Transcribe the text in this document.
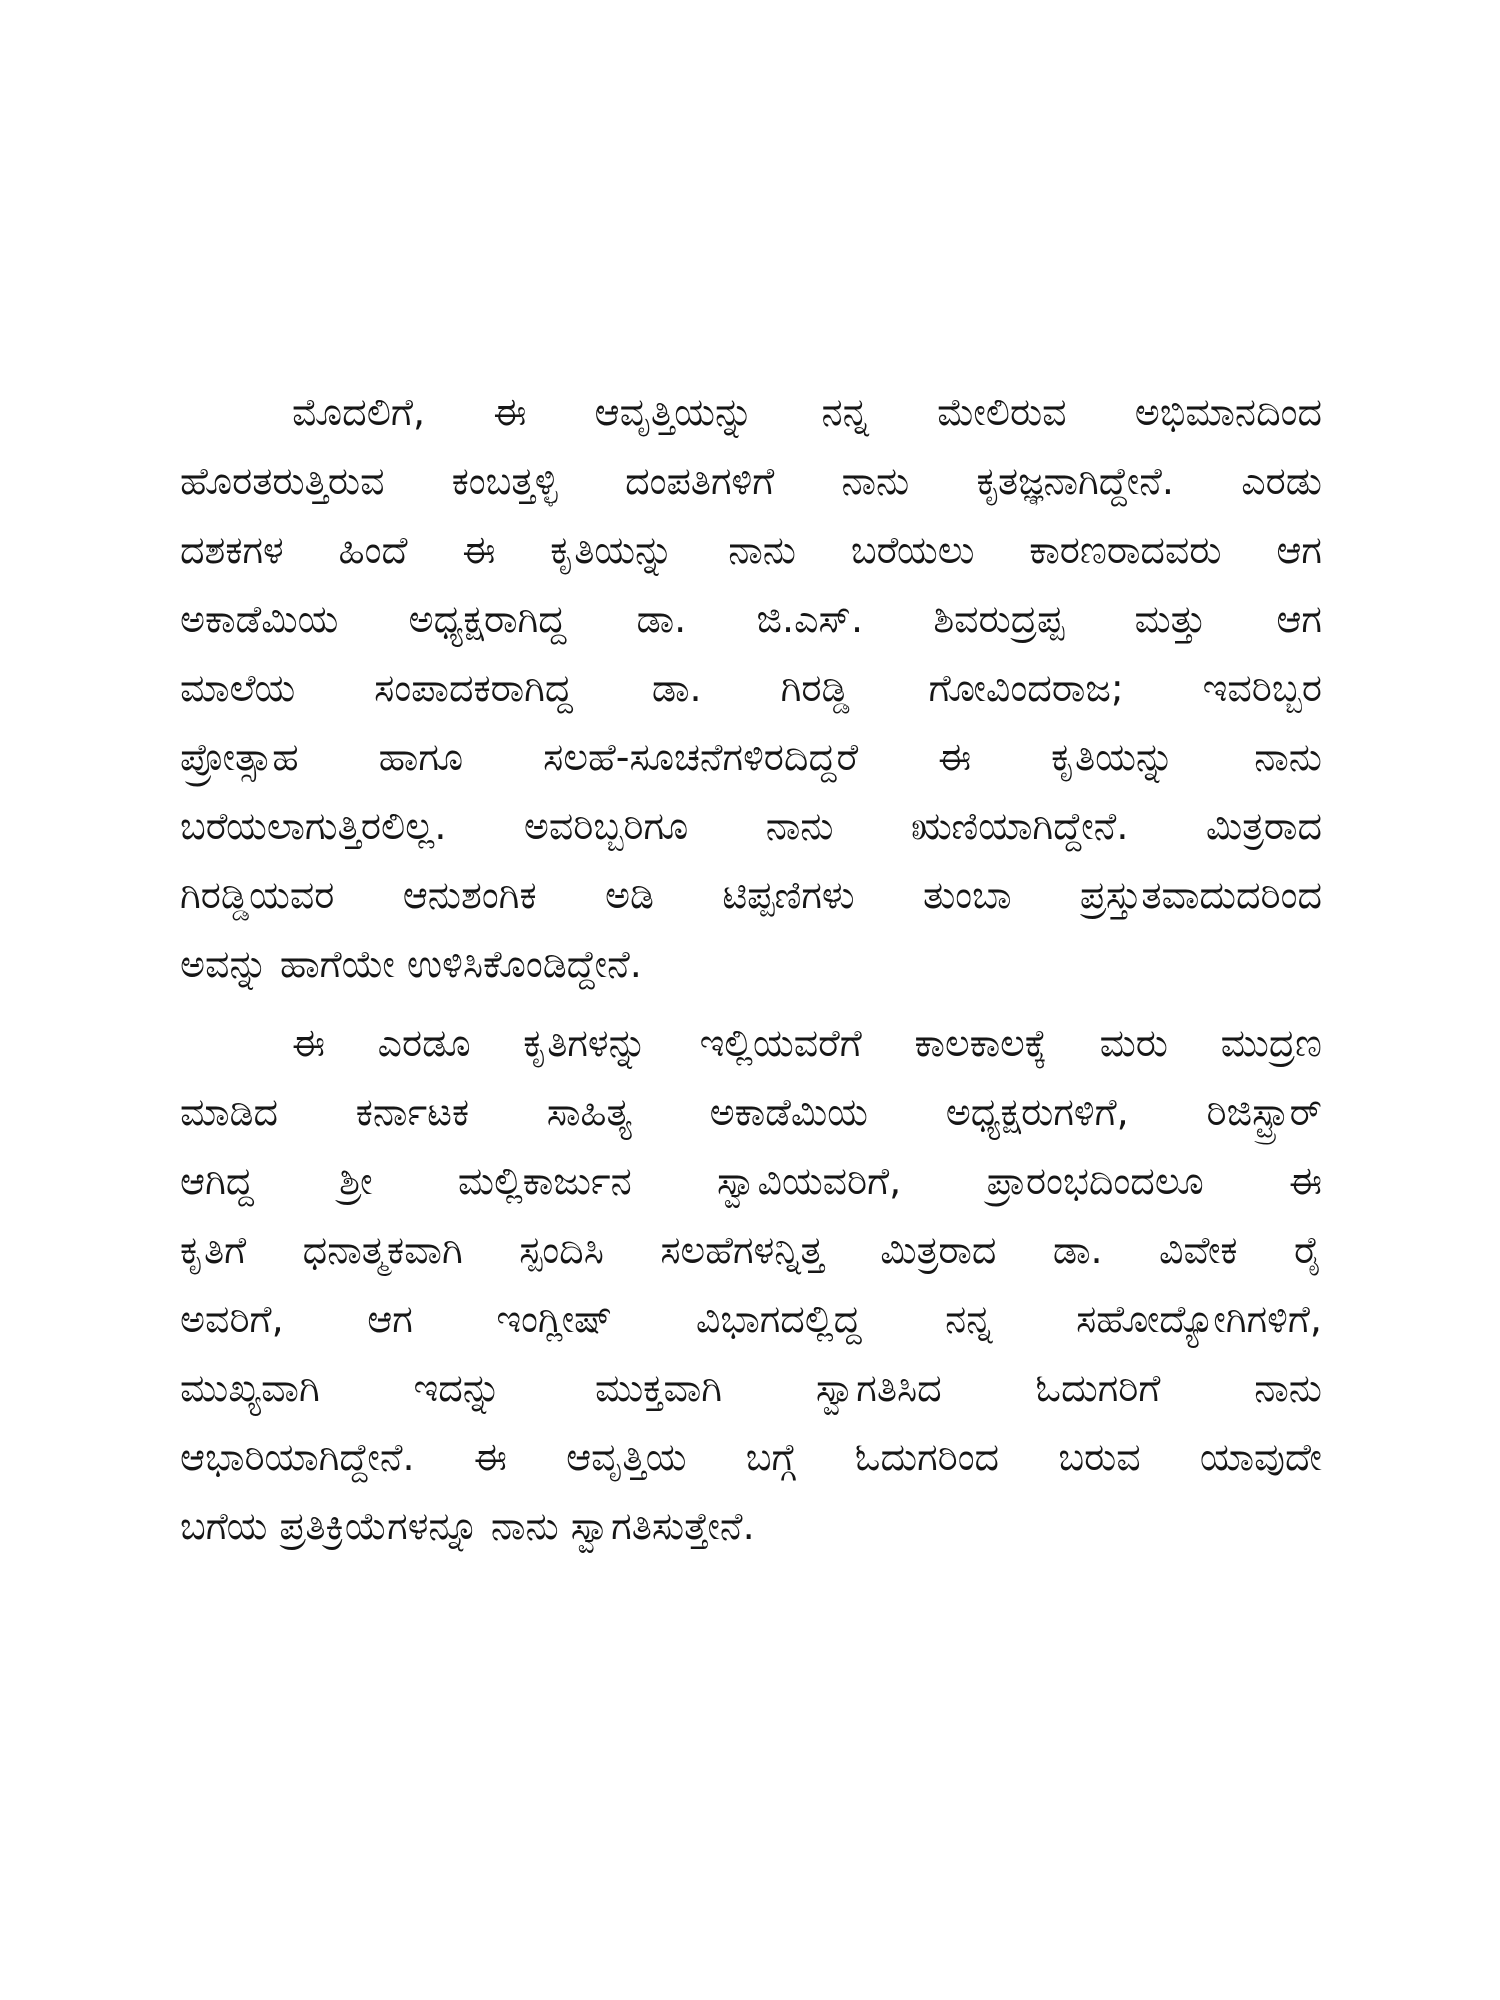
ಮೊದಲಿಗೆ, ಈ ಆವೃತ್ತಿಯನ್ನು ನನ್ನ ಮೇಲಿರುವ ಅಭಿಮಾನದಿಂದ
ಹೊರತರುತ್ತಿರುವ ಕಂಬತ್ತಳ್ಳಿ ದಂಪತಿಗಳಿಗೆ ನಾನು ಕೃತಜ್ಞನಾಗಿದ್ದೇನೆ. ಎರಡು
ದಶಕಗಳ ಹಿಂದೆ ಈ ಕೃತಿಯನ್ನು ನಾನು ಬರೆಯಲು ಕಾರಣರಾದವರು ಆಗ
ಅಕಾಡೆಮಿಯ ಅಧ್ಯಕ್ಷರಾಗಿದ್ದ ಡಾ. ಜಿ.ಎಸ್. ಶಿವರುದ್ರಪ್ಪ ಮತ್ತು ಆಗ
ಮಾಲೆಯ ಸಂಪಾದಕರಾಗಿದ್ದ ಡಾ. ಗಿರಡ್ಡಿ ಗೋವಿಂದರಾಜ; ಇವರಿಬ್ಬರ
ಪ್ರೋತ್ಸಾಹ ಹಾಗೂ ಸಲಹೆ-ಸೂಚನೆಗಳಿರದಿದ್ದರೆ ಈ ಕೃತಿಯನ್ನು ನಾನು
ಬರೆಯಲಾಗುತ್ತಿರಲಿಲ್ಲ. ಅವರಿಬ್ಬರಿಗೂ ನಾನು ಋಣಿಯಾಗಿದ್ದೇನೆ. ಮಿತ್ರರಾದ
ಗಿರಡ್ಡಿಯವರ ಆನುಶಂಗಿಕ ಅಡಿ ಟಿಪ್ಪಣಿಗಳು ತುಂಬಾ ಪ್ರಸ್ತುತವಾದುದರಿಂದ
ಅವನ್ನು ಹಾಗೆಯೇ ಉಳಿಸಿಕೊಂಡಿದ್ದೇನೆ.
ಈ ಎರಡೂ ಕೃತಿಗಳನ್ನು ಇಲ್ಲಿಯವರೆಗೆ ಕಾಲಕಾಲಕ್ಕೆ ಮರು ಮುದ್ರಣ
ಮಾಡಿದ ಕರ್ನಾಟಕ ಸಾಹಿತ್ಯ ಅಕಾಡೆಮಿಯ ಅಧ್ಯಕ್ಷರುಗಳಿಗೆ, ರಿಜಿಸ್ಟ್ರಾರ್
ಆಗಿದ್ದ ಶ್ರೀ ಮಲ್ಲಿಕಾರ್ಜುನ ಸ್ವಾವಿಯವರಿಗೆ, ಪ್ರಾರಂಭದಿಂದಲೂ ಈ
ಕೃತಿಗೆ ಧನಾತ್ಮಕವಾಗಿ ಸ್ಪಂದಿಸಿ ಸಲಹೆಗಳನ್ನಿತ್ತ ಮಿತ್ರರಾದ ಡಾ. ವಿವೇಕ ರೈ
ಅವರಿಗೆ, ಆಗ ಇಂಗ್ಲೀಷ್ ವಿಭಾಗದಲ್ಲಿದ್ದ ನನ್ನ ಸಹೋದ್ಯೋಗಿಗಳಿಗೆ,
ಮುಖ್ಯವಾಗಿ ಇದನ್ನು ಮುಕ್ತವಾಗಿ ಸ್ವಾಗತಿಸಿದ ಓದುಗರಿಗೆ ನಾನು
ಆಭಾರಿಯಾಗಿದ್ದೇನೆ. ಈ ಆವೃತ್ತಿಯ ಬಗ್ಗೆ ಓದುಗರಿಂದ ಬರುವ ಯಾವುದೇ
ಬಗೆಯ ಪ್ರತಿಕ್ರಿಯೆಗಳನ್ನೂ ನಾನು ಸ್ವಾಗತಿಸುತ್ತೇನೆ.
